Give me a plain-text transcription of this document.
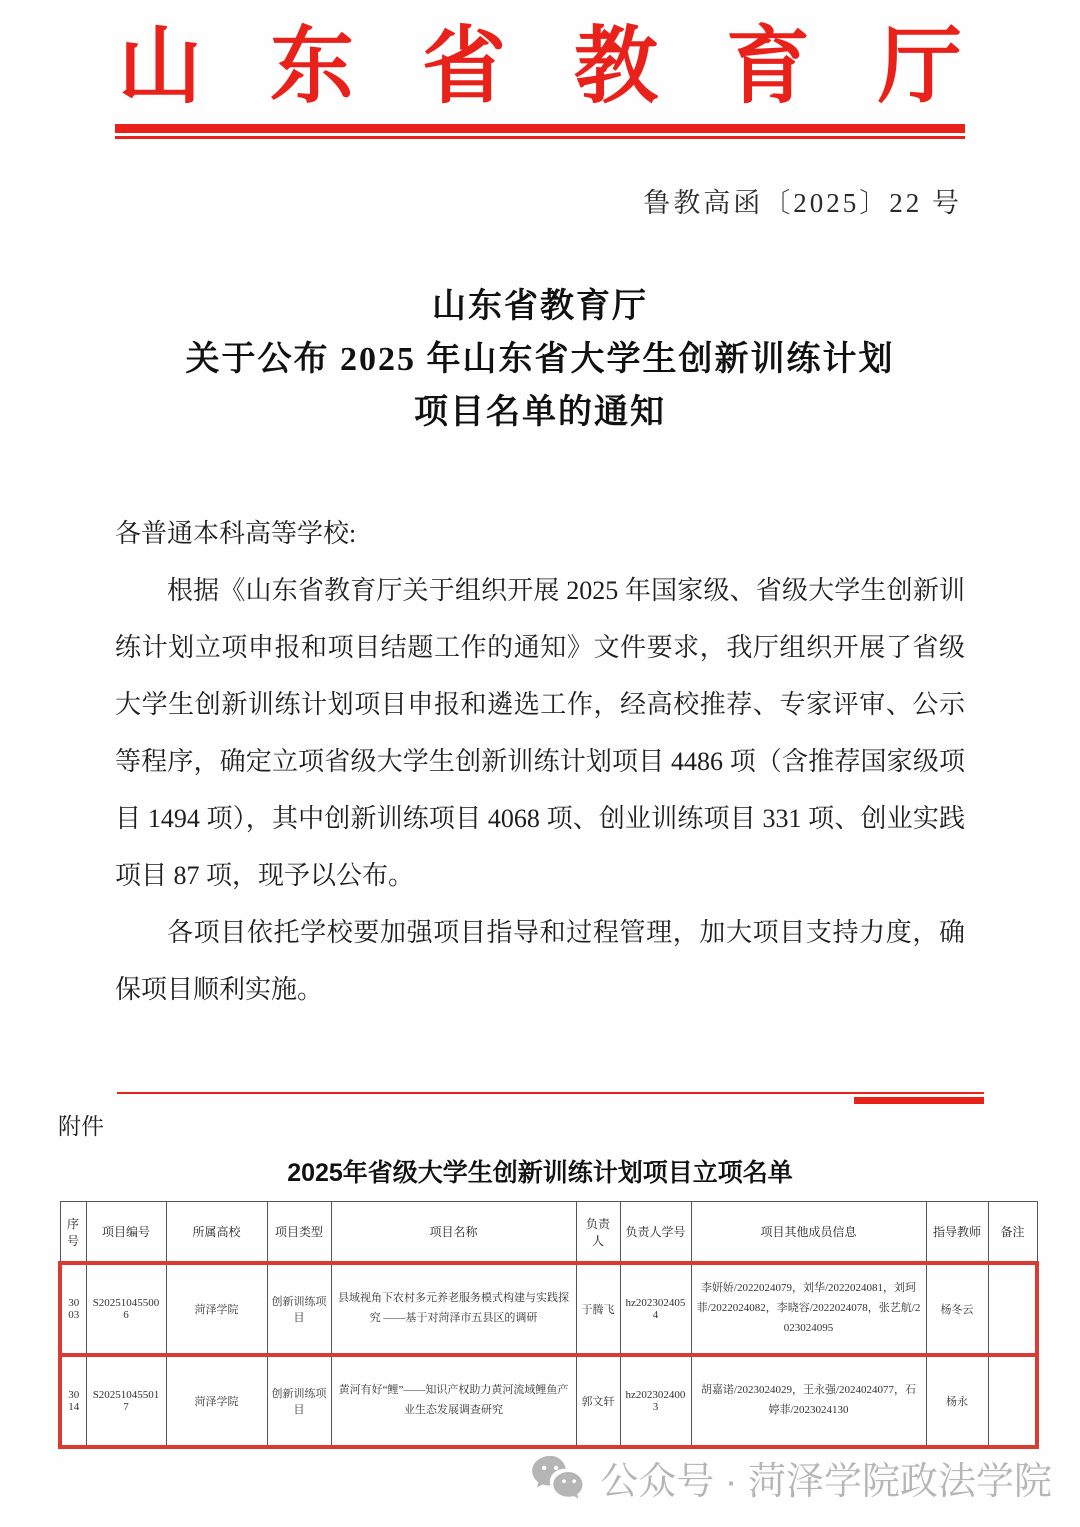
山 东 省 教 育 厅
鲁教高函〔2025〕22 号
山东省教育厅
关于公布 2025 年山东省大学生创新训练计划
项目名单的通知

各普通本科高等学校:

根据《山东省教育厅关于组织开展 2025 年国家级、省级大学生创新训练计划立项申报和项目结题工作的通知》文件要求，我厅组织开展了省级大学生创新训练计划项目申报和遴选工作，经高校推荐、专家评审、公示等程序，确定立项省级大学生创新训练计划项目 4486 项（含推荐国家级项目 1494 项），其中创新训练项目 4068 项、创业训练项目 331 项、创业实践项目 87 项，现予以公布。

各项目依托学校要加强项目指导和过程管理，加大项目支持力度，确保项目顺利实施。

附件
2025年省级大学生创新训练计划项目立项名单
序号	项目编号	所属高校	项目类型	项目名称	负责人	负责人学号	项目其他成员信息	指导教师	备注
3003	S202510455006	菏泽学院	创新训练项目	县域视角下农村多元养老服务模式构建与实践探究 ——基于对菏泽市五县区的调研	于腾飞	hz2023024054	李妍娇/2022024079，刘华/2022024081，刘珂菲/2022024082，李晓容/2022024078，张艺航/2023024095	杨冬云	
3014	S202510455017	菏泽学院	创新训练项目	黄河有好“鲤”——知识产权助力黄河流域鲤鱼产业生态发展调查研究	郭文轩	hz2023024003	胡嘉诺/2023024029，王永强/2024024077，石婷菲/2023024130	杨永	
公众号 · 菏泽学院政法学院
